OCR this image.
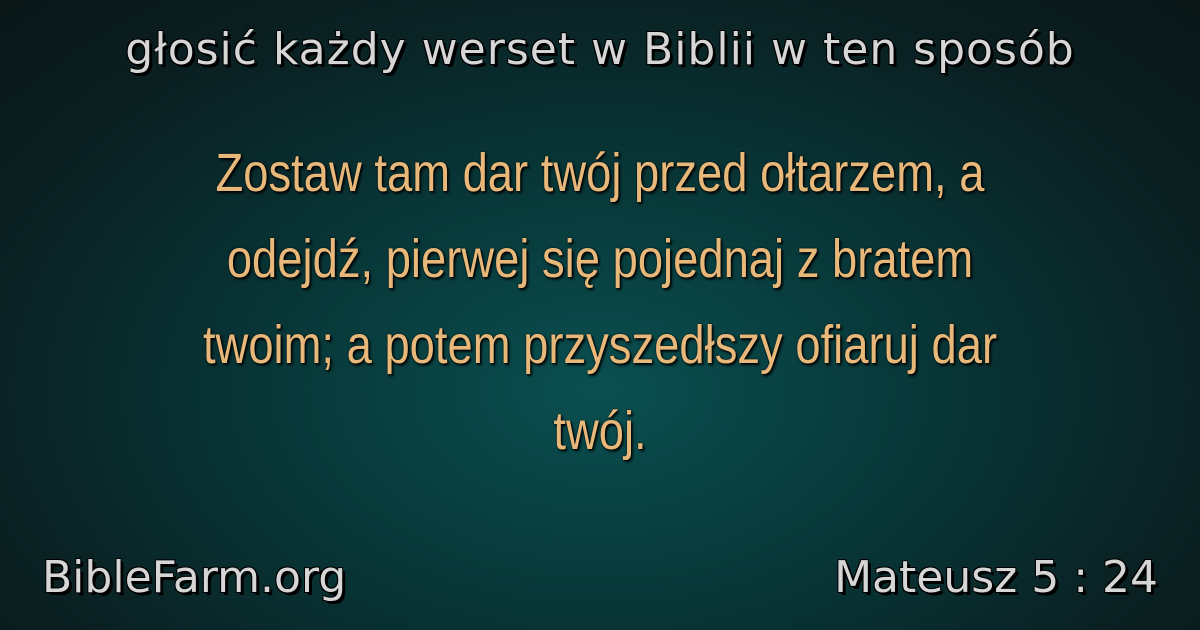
głosić każdy werset w Biblii w ten sposób
Zostaw tam dar twój przed ołtarzem, a odejdź, pierwej się pojednaj z bratem twoim; a potem przyszedłszy ofiaruj dar twój.
BibleFarm.org	Mateusz 5 : 24
